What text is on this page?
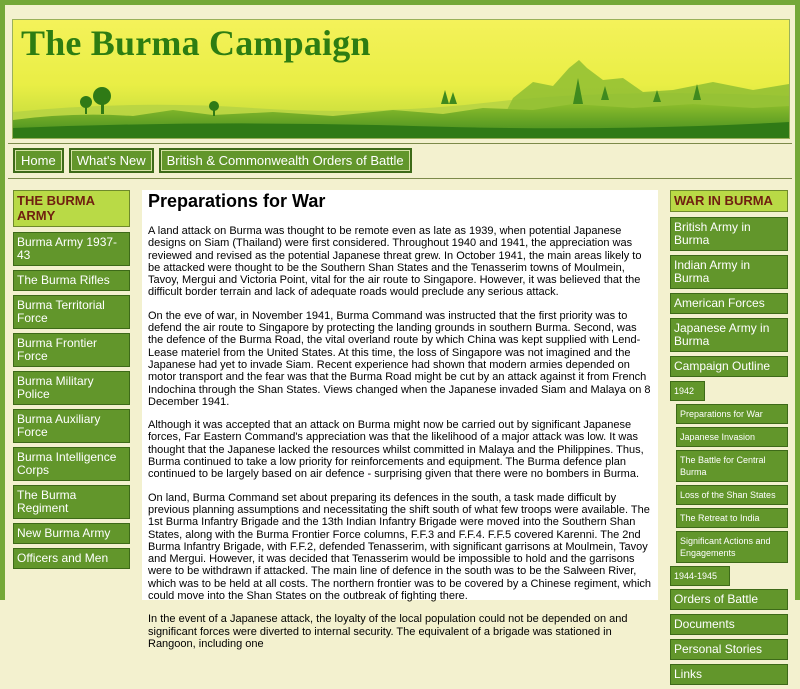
The Burma Campaign
Home	What's New	British & Commonwealth Orders of Battle
THE BURMA ARMY
Burma Army 1937-43
The Burma Rifles
Burma Territorial Force
Burma Frontier Force
Burma Military Police
Burma Auxiliary Force
Burma Intelligence Corps
The Burma Regiment
New Burma Army
Officers and Men
Preparations for War

A land attack on Burma was thought to be remote even as late as 1939, when potential Japanese designs on Siam (Thailand) were first considered. Throughout 1940 and 1941, the appreciation was reviewed and revised as the potential Japanese threat grew. In October 1941, the main areas likely to be attacked were thought to be the Southern Shan States and the Tenasserim towns of Moulmein, Tavoy, Mergui and Victoria Point, vital for the air route to Singapore. However, it was believed that the difficult border terrain and lack of adequate roads would preclude any serious attack.

On the eve of war, in November 1941, Burma Command was instructed that the first priority was to defend the air route to Singapore by protecting the landing grounds in southern Burma. Second, was the defence of the Burma Road, the vital overland route by which China was kept supplied with Lend-Lease materiel from the United States. At this time, the loss of Singapore was not imagined and the Japanese had yet to invade Siam. Recent experience had shown that modern armies depended on motor transport and the fear was that the Burma Road might be cut by an attack against it from French Indochina through the Shan States. Views changed when the Japanese invaded Siam and Malaya on 8 December 1941.

Although it was accepted that an attack on Burma might now be carried out by significant Japanese forces, Far Eastern Command's appreciation was that the likelihood of a major attack was low. It was thought that the Japanese lacked the resources whilst committed in Malaya and the Philippines. Thus, Burma continued to take a low priority for reinforcements and equipment. The Burma defence plan continued to be largely based on air defence - surprising given that there were no bombers in Burma.

On land, Burma Command set about preparing its defences in the south, a task made difficult by previous planning assumptions and necessitating the shift south of what few troops were available. The 1st Burma Infantry Brigade and the 13th Indian Infantry Brigade were moved into the Southern Shan States, along with the Burma Frontier Force columns, F.F.3 and F.F.4. F.F.5 covered Karenni. The 2nd Burma Infantry Brigade, with F.F.2, defended Tenasserim, with significant garrisons at Moulmein, Tavoy and Mergui. However, it was decided that Tenasserim would be impossible to hold and the garrisons were to be withdrawn if attacked. The main line of defence in the south was to be the Salween River, which was to be held at all costs. The northern frontier was to be covered by a Chinese regiment, which could move into the Shan States on the outbreak of fighting there.

In the event of a Japanese attack, the loyalty of the local population could not be depended on and significant forces were diverted to internal security. The equivalent of a brigade was stationed in Rangoon, including one

WAR IN BURMA
British Army in Burma
Indian Army in Burma
American Forces
Japanese Army in Burma
Campaign Outline
1942
Preparations for War
Japanese Invasion
The Battle for Central Burma
Loss of the Shan States
The Retreat to India
Significant Actions and Engagements
1944-1945
Orders of Battle
Documents
Personal Stories
Links
